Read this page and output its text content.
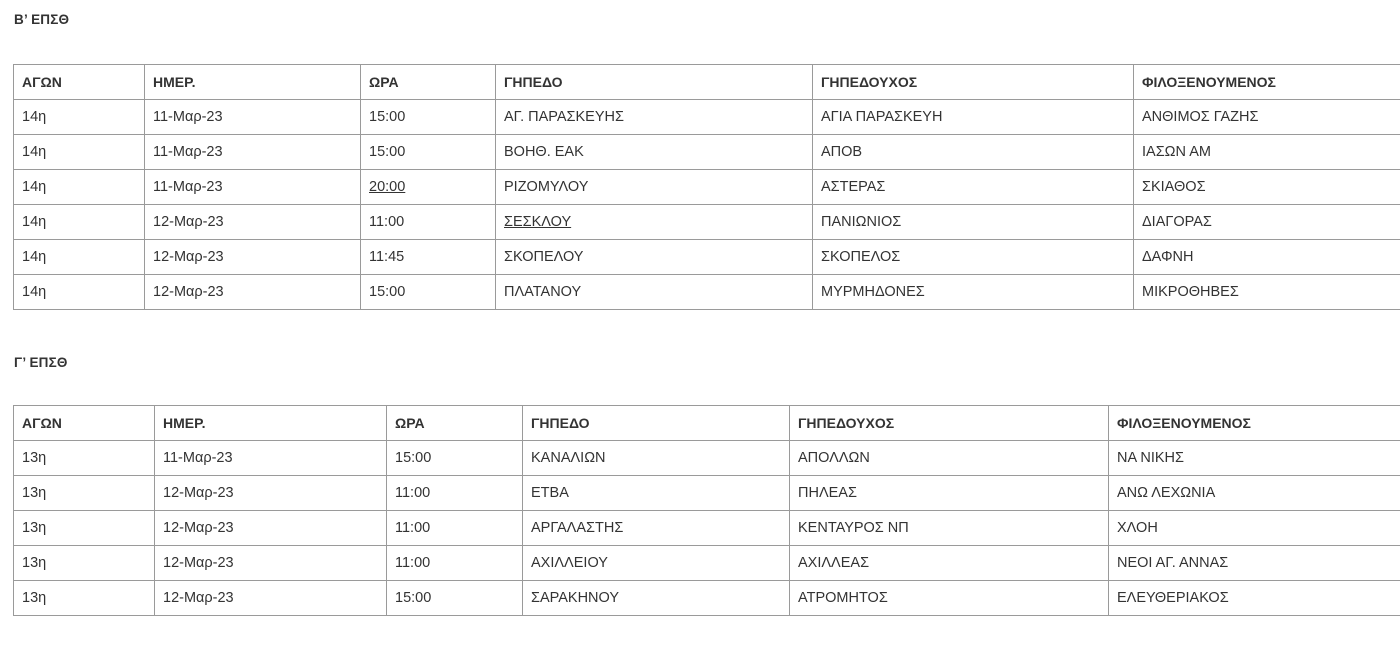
Β’ ΕΠΣΘ
ΑΓΩΝ	ΗΜΕΡ.	ΩΡΑ	ΓΗΠΕΔΟ	ΓΗΠΕΔΟΥΧΟΣ	ΦΙΛΟΞΕΝΟΥΜΕΝΟΣ
14η	11-Μαρ-23	15:00	ΑΓ. ΠΑΡΑΣΚΕΥΗΣ	ΑΓΙΑ ΠΑΡΑΣΚΕΥΗ	ΑΝΘΙΜΟΣ ΓΑΖΗΣ
14η	11-Μαρ-23	15:00	ΒΟΗΘ. ΕΑΚ	ΑΠΟΒ	ΙΑΣΩΝ ΑΜ
14η	11-Μαρ-23	20:00	ΡΙΖΟΜΥΛΟΥ	ΑΣΤΕΡΑΣ	ΣΚΙΑΘΟΣ
14η	12-Μαρ-23	11:00	ΣΕΣΚΛΟΥ	ΠΑΝΙΩΝΙΟΣ	ΔΙΑΓΟΡΑΣ
14η	12-Μαρ-23	11:45	ΣΚΟΠΕΛΟΥ	ΣΚΟΠΕΛΟΣ	ΔΑΦΝΗ
14η	12-Μαρ-23	15:00	ΠΛΑΤΑΝΟΥ	ΜΥΡΜΗΔΟΝΕΣ	ΜΙΚΡΟΘΗΒΕΣ
Γ’ ΕΠΣΘ
ΑΓΩΝ	ΗΜΕΡ.	ΩΡΑ	ΓΗΠΕΔΟ	ΓΗΠΕΔΟΥΧΟΣ	ΦΙΛΟΞΕΝΟΥΜΕΝΟΣ
13η	11-Μαρ-23	15:00	ΚΑΝΑΛΙΩΝ	ΑΠΟΛΛΩΝ	ΝΑ ΝΙΚΗΣ
13η	12-Μαρ-23	11:00	ΕΤΒΑ	ΠΗΛΕΑΣ	ΑΝΩ ΛΕΧΩΝΙΑ
13η	12-Μαρ-23	11:00	ΑΡΓΑΛΑΣΤΗΣ	ΚΕΝΤΑΥΡΟΣ ΝΠ	ΧΛΟΗ
13η	12-Μαρ-23	11:00	ΑΧΙΛΛΕΙΟΥ	ΑΧΙΛΛΕΑΣ	ΝΕΟΙ ΑΓ. ΑΝΝΑΣ
13η	12-Μαρ-23	15:00	ΣΑΡΑΚΗΝΟΥ	ΑΤΡΟΜΗΤΟΣ	ΕΛΕΥΘΕΡΙΑΚΟΣ
